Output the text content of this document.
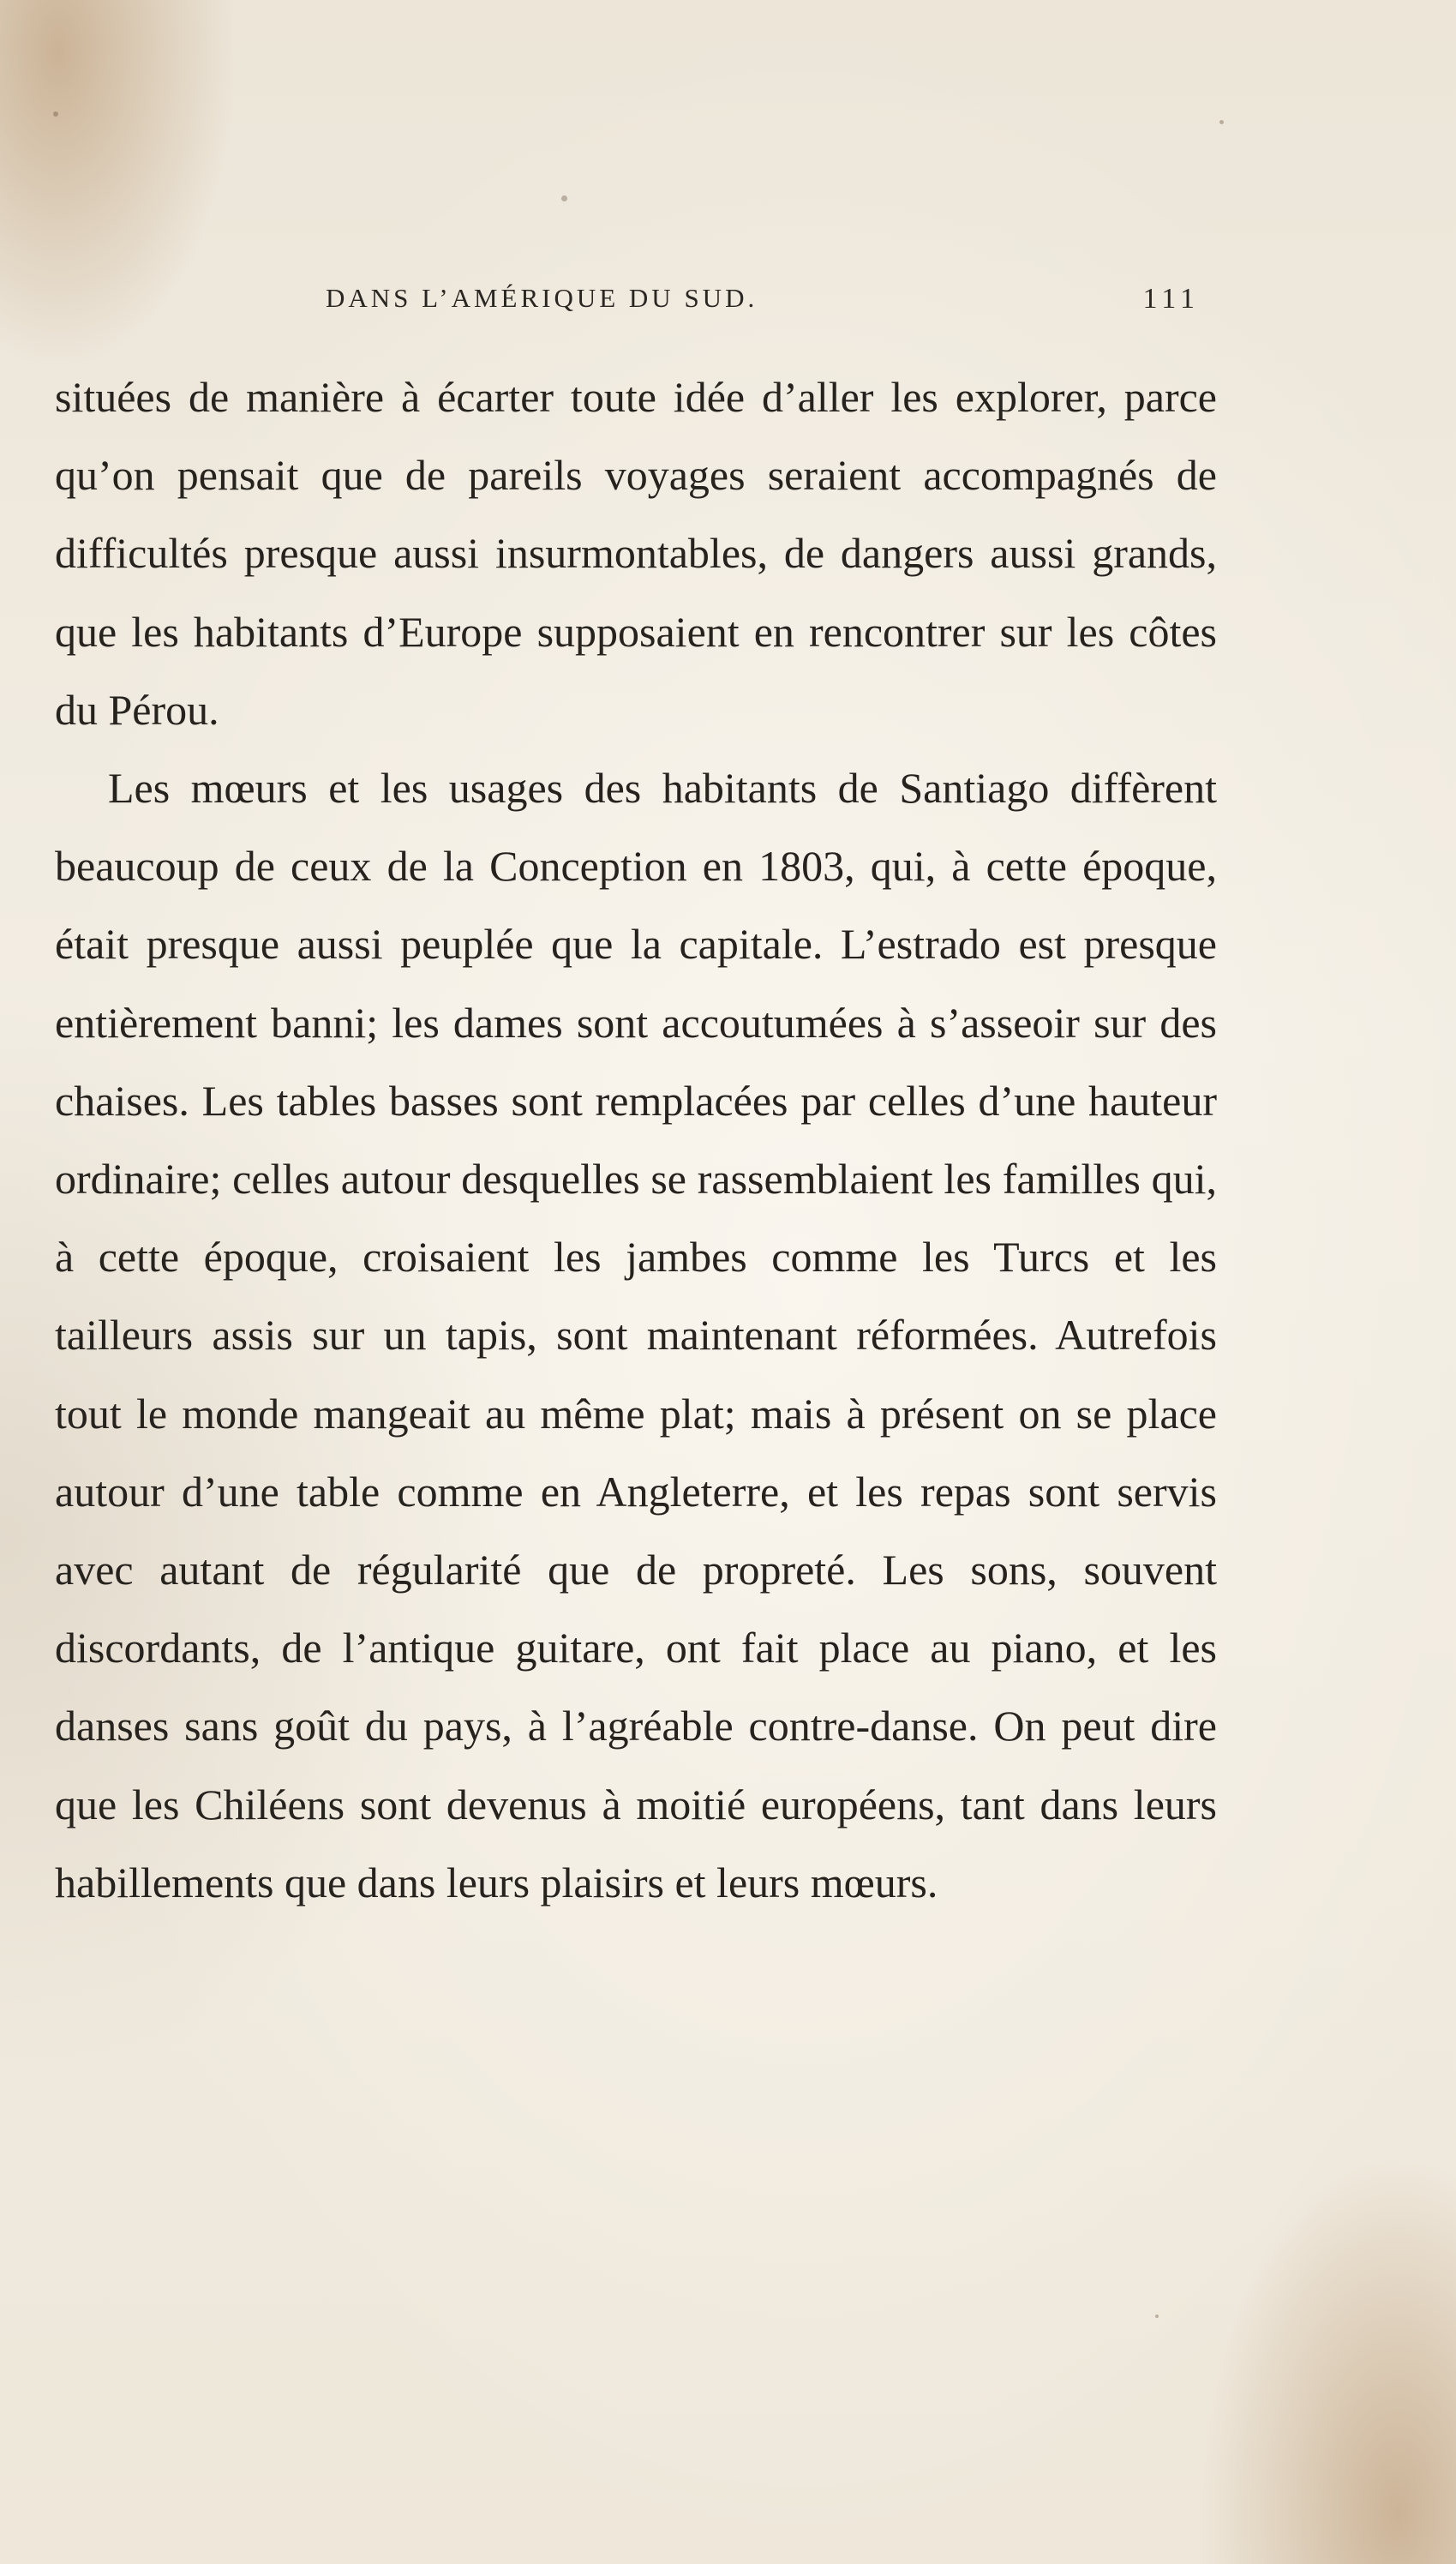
DANS L’AMÉRIQUE DU SUD.	111

situées de manière à écarter toute idée d’aller les explorer, parce qu’on pensait que de pareils voyages seraient accompagnés de difficultés presque aussi insurmontables, de dangers aussi grands, que les habitants d’Europe supposaient en rencontrer sur les côtes du Pérou.

Les mœurs et les usages des habitants de Santiago diffèrent beaucoup de ceux de la Conception en 1803, qui, à cette époque, était presque aussi peuplée que la capitale. L’estrado est presque entièrement banni; les dames sont accoutumées à s’asseoir sur des chaises. Les tables basses sont remplacées par celles d’une hauteur ordinaire; celles autour desquelles se rassemblaient les familles qui, à cette époque, croisaient les jambes comme les Turcs et les tailleurs assis sur un tapis, sont maintenant réformées. Autrefois tout le monde mangeait au même plat; mais à présent on se place autour d’une table comme en Angleterre, et les repas sont servis avec autant de régularité que de propreté. Les sons, souvent discordants, de l’antique guitare, ont fait place au piano, et les danses sans goût du pays, à l’agréable contre-danse. On peut dire que les Chiléens sont devenus à moitié européens, tant dans leurs habillements que dans leurs plaisirs et leurs mœurs.
